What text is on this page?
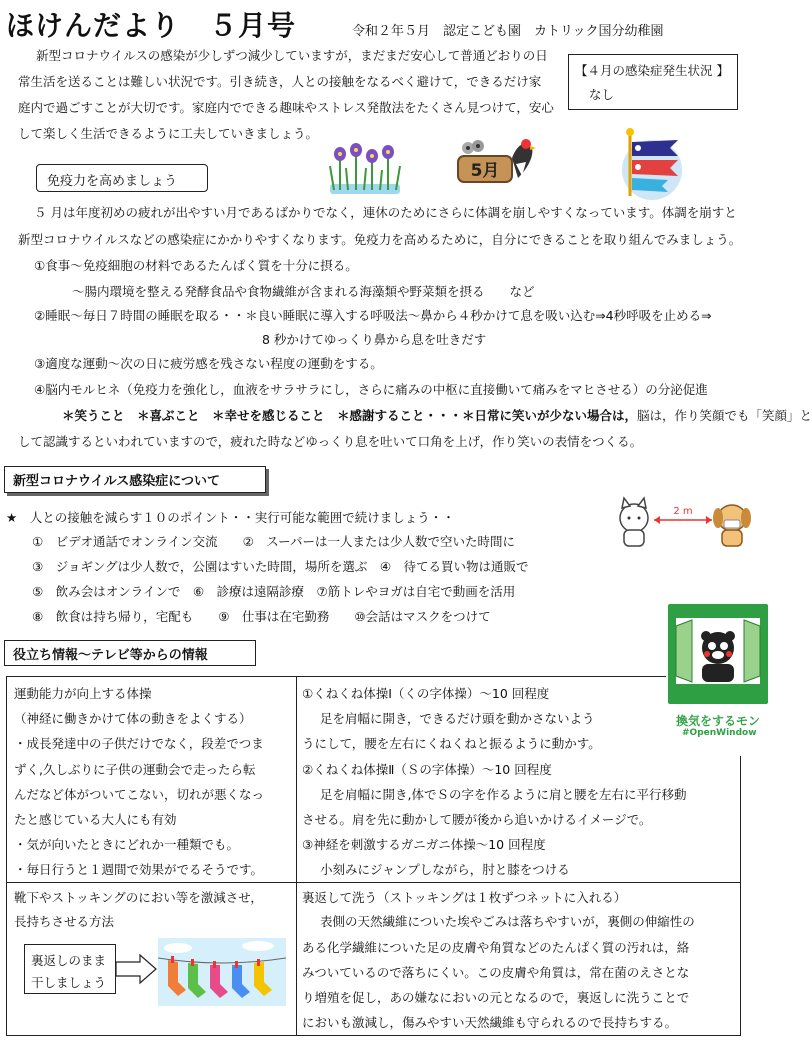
ほけんだより　５月号	令和２年５月　認定こども園　カトリック国分幼稚園
新型コロナウイルスの感染が少しずつ減少していますが，まだまだ安心して普通どおりの日
常生活を送ることは難しい状況です。引き続き，人との接触をなるべく避けて，できるだけ家
庭内で過ごすことが大切です。家庭内でできる趣味やストレス発散法をたくさん見つけて，安心
して楽しく生活できるように工夫していきましょう。
【４月の感染症発生状況 】
なし
免疫力を高めましょう
5月
５ 月は年度初めの疲れが出やすい月であるばかりでなく，連休のためにさらに体調を崩しやすくなっています。体調を崩すと
新型コロナウイルスなどの感染症にかかりやすくなります。免疫力を高めるために，自分にできることを取り組んでみましょう。
①食事～免疫細胞の材料であるたんぱく質を十分に摂る。
～腸内環境を整える発酵食品や食物繊維が含まれる海藻類や野菜類を摂る　　など
②睡眠～毎日７時間の睡眠を取る・・＊良い睡眠に導入する呼吸法～鼻から４秒かけて息を吸い込む⇒4秒呼吸を止める⇒
8 秒かけてゆっくり鼻から息を吐きだす
③適度な運動～次の日に疲労感を残さない程度の運動をする。
④脳内モルヒネ（免疫力を強化し，血液をサラサラにし，さらに痛みの中枢に直接働いて痛みをマヒさせる）の分泌促進
＊笑うこと　＊喜ぶこと　＊幸せを感じること　＊感謝すること・・・＊日常に笑いが少ない場合は，脳は，作り笑顔でも「笑顔」と
して認識するといわれていますので，疲れた時などゆっくり息を吐いて口角を上げ，作り笑いの表情をつくる。
新型コロナウイルス感染症について
★　人との接触を減らす１０のポイント・・実行可能な範囲で続けましょう・・
①　ビデオ通話でオンライン交流　　②　スーパーは一人または少人数で空いた時間に
③　ジョギングは少人数で，公園はすいた時間，場所を選ぶ　④　待てる買い物は通販で
⑤　飲み会はオンラインで　⑥　診療は遠隔診療　⑦筋トレやヨガは自宅で動画を活用
⑧　飲食は持ち帰り，宅配も　　⑨　仕事は在宅勤務　　⑩会話はマスクをつけて
2 m
換気をするモン
#OpenWindow
役立ち情報～テレビ等からの情報
運動能力が向上する体操
（神経に働きかけて体の動きをよくする）
・成長発達中の子供だけでなく，段差でつま
ずく,久しぶりに子供の運動会で走ったら転
んだなど体がついてこない，切れが悪くなっ
たと感じている大人にも有効
・気が向いたときにどれか一種類でも。
・毎日行うと１週間で効果がでるそうです。
①くねくね体操Ⅰ（くの字体操）～10 回程度
足を肩幅に開き，できるだけ頭を動かさないよう
うにして，腰を左右にくねくねと振るように動かす。
②くねくね体操Ⅱ（Ｓの字体操）～10 回程度
足を肩幅に開き,体でＳの字を作るように肩と腰を左右に平行移動
させる。肩を先に動かして腰が後から追いかけるイメージで。
③神経を刺激するガニガニ体操～10 回程度
小刻みにジャンプしながら，肘と膝をつける
靴下やストッキングのにおい等を激減させ，
長持ちさせる方法
裏返しのまま
干しましょう
裏返して洗う（ストッキングは１枚ずつネットに入れる）
表側の天然繊維についた埃やごみは落ちやすいが，裏側の伸縮性の
ある化学繊維についた足の皮膚や角質などのたんぱく質の汚れは，絡
みついているので落ちにくい。この皮膚や角質は，常在菌のえさとな
り増殖を促し，あの嫌なにおいの元となるので，裏返しに洗うことで
においも激減し，傷みやすい天然繊維も守られるので長持ちする。
